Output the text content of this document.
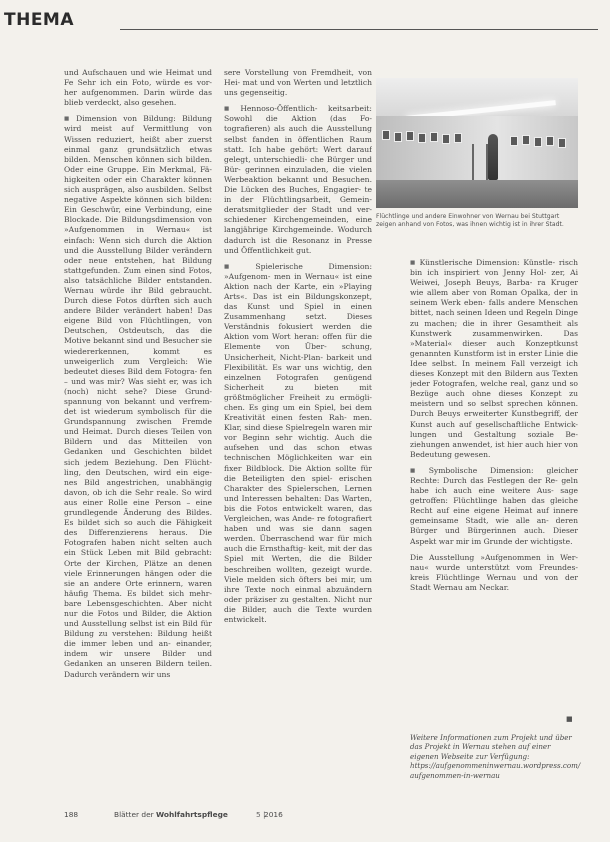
THEMA

und Aufschauen und wie Heimat und Fe Sehr ich ein Foto, würde es vor- her aufgenommen. Darin würde das blieb verdeckt, also gesehen.

■ Dimension von Bildung: Bildung wird meist auf Vermittlung von Wissen reduziert, heißt aber zuerst einmal ganz grundsätzlich etwas bilden. Menschen können sich bilden. Oder eine Gruppe. Ein Merkmal, Fä- higkeiten oder ein Charakter können sich ausprägen, also ausbilden. Selbst negative Aspekte können sich bilden: Ein Geschwür, eine Verbindung, eine Blockade. Die Bildungsdimension von »Aufgenommen in Wernau« ist einfach: Wenn sich durch die Aktion und die Ausstellung Bilder verändern oder neue entstehen, hat Bildung stattgefunden. Zum einen sind Fotos, also tatsächliche Bilder entstanden. Wernau würde ihr Bild gebraucht. Durch diese Fotos dürften sich auch andere Bilder verändert haben! Das eigene Bild von Flüchtlingen, von Deutschen, Ostdeutsch, das die Motive bekannt sind und Besucher sie wiedererkennen, kommt es unweigerlich zum Vergleich: Wie bedeutet dieses Bild dem Fotogra- fen – und was mir? Was sieht er, was ich (noch) nicht sehe? Diese Grund- spannung von bekannt und verfrem- det ist wiederum symbolisch für die Grundspannung zwischen Fremde und Heimat. Durch dieses Teilen von Bildern und das Mitteilen von Gedanken und Geschichten bildet sich jedem Beziehung. Den Flücht- ling, den Deutschen, wird ein eige- nes Bild angestrichen, unabhängig davon, ob ich die Sehr reale. So wird aus einer Rolle eine Person – eine grundlegende Änderung des Bildes. Es bildet sich so auch die Fähigkeit des Differenzierens heraus. Die Fotografen haben nicht selten auch ein Stück Leben mit Bild gebracht: Orte der Kirchen, Plätze an denen viele Erinnerungen hängen oder die sie an andere Orte erinnern, waren häufig Thema. Es bildet sich mehr- bare Lebensgeschichten. Aber nicht nur die Fotos und Bilder, die Aktion und Ausstellung selbst ist ein Bild für Bildung zu verstehen: Bildung heißt die immer leben und an- einander, indem wir unsere Bilder und Gedanken an unseren Bildern teilen. Dadurch verändern wir uns

sere Vorstellung von Fremdheit, von Hei- mat und von Werten und letztlich uns gegenseitig.

■ Hennoso-Öffentlich- keitsarbeit: Sowohl die Aktion (das Fo- tografieren) als auch die Ausstellung selbst fanden in öffentlichen Raum statt. Ich habe gehört: Wert darauf gelegt, unterschiedli- che Bürger und Bür- gerinnen einzuladen, die vielen Werbeaktion bekannt und Besuchen. Die Lücken des Buches, Engagier- te in der Flüchtlingsarbeit, Gemein- deratsmitglieder der Stadt und ver- schiedener Kirchengemeinden, eine langjährige Kirchgemeinde. Wodurch dadurch ist die Resonanz in Presse und Öffentlichkeit gut.

■ Spielerische Dimension: »Aufgenom- men in Wernau« ist eine Aktion nach der Karte, ein »Playing Arts«. Das ist ein Bildungskonzept, das Kunst und Spiel in einen Zusammenhang setzt. Dieses Verständnis fokusiert werden die Aktion vom Wort heran: offen für die Elemente von Über- schung, Unsicherheit, Nicht-Plan- barkeit und Flexibilität. Es war uns wichtig, den einzelnen Fotografen genügend Sicherheit zu bieten mit größtmöglicher Freiheit zu ermögli- chen. Es ging um ein Spiel, bei dem Kreativität einen festen Rah- men. Klar, sind diese Spielregeln waren mir vor Beginn sehr wichtig. Auch die aufsehen und das schon etwas technischen Möglichkeiten war ein fixer Bildblock. Die Aktion sollte für die Beteiligten den spiel- erischen Charakter des Spielerschen, Lernen und Interessen behalten: Das Warten, bis die Fotos entwickelt waren, das Vergleichen, was Ande- re fotografiert haben und was sie dann sagen werden. Überraschend war für mich auch die Ernsthaftig- keit, mit der das Spiel mit Werten, die die Bilder beschreiben wollten, gezeigt wurde. Viele melden sich öfters bei mir, um ihre Texte noch einmal abzuändern oder präziser zu gestalten. Nicht nur die Bilder, auch die Texte wurden entwickelt.

Flüchtlinge und andere Einwohner von Wernau bei Stuttgart zeigen anhand von Fotos, was ihnen wichtig ist in ihrer Stadt.

■ Künstlerische Dimension: Künstle- risch bin ich inspiriert von Jenny Hol- zer, Ai Weiwei, Joseph Beuys, Barba- ra Kruger wie allem aber von Roman Opalka, der in seinem Werk eben- falls andere Menschen bittet, nach seinen Ideen und Regeln Dinge zu machen; die in ihrer Gesamtheit als Kunstwerk zusammenwirken. Das »Material« dieser auch Konzeptkunst genannten Kunstform ist in erster Linie die Idee selbst. In meinem Fall verzeigt ich dieses Konzept mit den Bildern aus Texten jeder Fotografen, welche real, ganz und so Bezüge auch ohne dieses Konzept zu meistern und so selbst sprechen können. Durch Beuys erweiterter Kunstbegriff, der Kunst auch auf gesellschaftliche Entwick- lungen und Gestaltung soziale Be- ziehungen anwendet, ist hier auch hier von Bedeutung gewesen.

■ Symbolische Dimension: gleicher Rechte: Durch das Festlegen der Re- geln habe ich auch eine weitere Aus- sage getroffen: Flüchtlinge haben das gleiche Recht auf eine eigene Heimat auf innere gemeinsame Stadt, wie alle an- deren Bürger und Bürgerinnen auch. Dieser Aspekt war mir im Grunde der wichtigste.

Die Ausstellung »Aufgenommen in Wer- nau« wurde unterstützt vom Freundes- kreis Flüchtlinge Wernau und von der Stadt Wernau am Neckar.

■
Weitere Informationen zum Projekt und über das Projekt in Wernau stehen auf einer eigenen Webseite zur Verfügung: https://aufgenommeninwernau.wordpress.com/ aufgenommen-in-wernau
188	Blätter der Wohlfahrtspflege	5 |
2016
